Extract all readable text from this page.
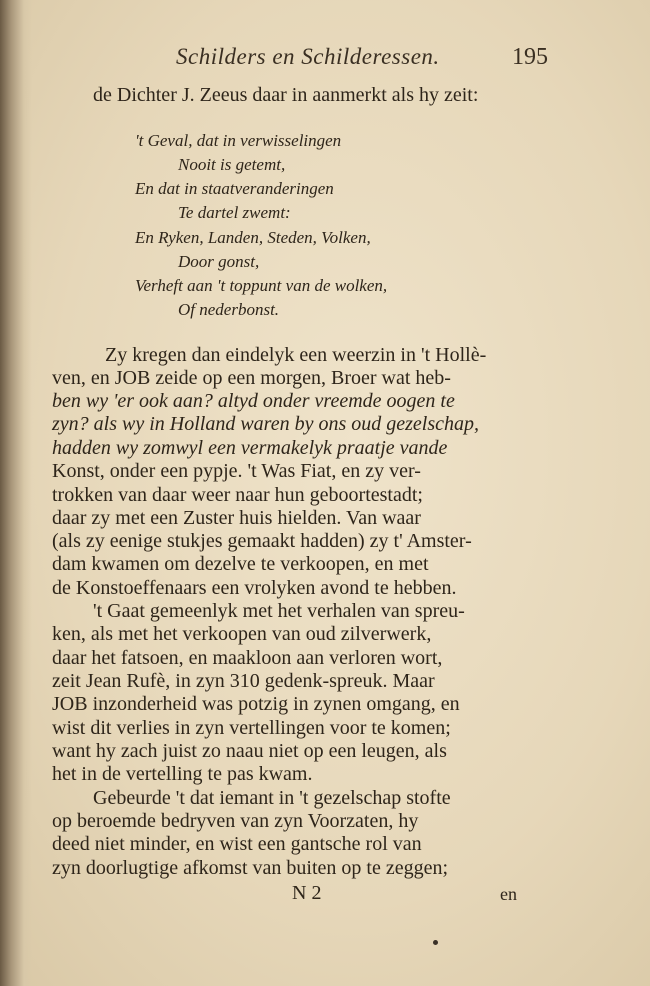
Schilders en Schilderessen.	195
de Dichter J. Zeeus daar in aanmerkt als hy zeit:
't Geval, dat in verwisselingen
Nooit is getemt,
En dat in staatveranderingen
Te dartel zwemt:
En Ryken, Landen, Steden, Volken,
Door gonst,
Verheft aan 't toppunt van de wolken,
Of nederbonst.
Zy kregen dan eindelyk een weerzin in 't Hollè-
ven, en JOB zeide op een morgen, Broer wat heb-
ben wy 'er ook aan? altyd onder vreemde oogen te
zyn? als wy in Holland waren by ons oud gezelschap,
hadden wy zomwyl een vermakelyk praatje vande
Konst, onder een pypje. 't Was Fiat, en zy ver-
trokken van daar weer naar hun geboortestadt;
daar zy met een Zuster huis hielden. Van waar
(als zy eenige stukjes gemaakt hadden) zy t' Amster-
dam kwamen om dezelve te verkoopen, en met
de Konstoeffenaars een vrolyken avond te hebben.
't Gaat gemeenlyk met het verhalen van spreu-
ken, als met het verkoopen van oud zilverwerk,
daar het fatsoen, en maakloon aan verloren wort,
zeit Jean Rufè, in zyn 310 gedenk-spreuk. Maar
JOB inzonderheid was potzig in zynen omgang, en
wist dit verlies in zyn vertellingen voor te komen;
want hy zach juist zo naau niet op een leugen, als
het in de vertelling te pas kwam.
Gebeurde 't dat iemant in 't gezelschap stofte
op beroemde bedryven van zyn Voorzaten, hy
deed niet minder, en wist een gantsche rol van
zyn doorlugtige afkomst van buiten op te zeggen;
N 2	en
